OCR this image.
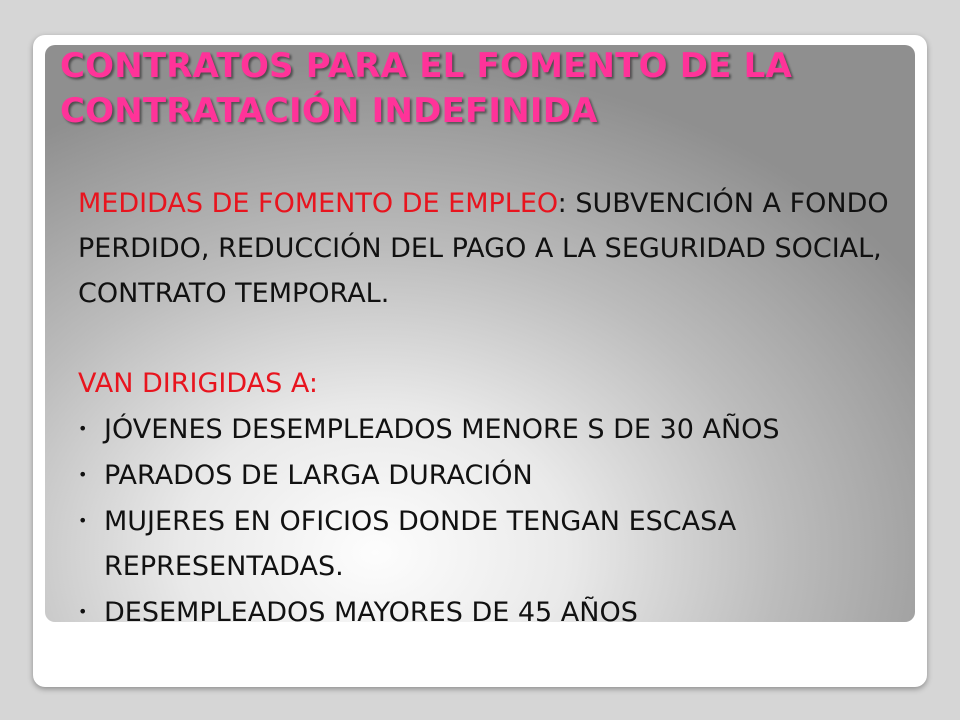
CONTRATOS PARA EL FOMENTO DE LA CONTRATACIÓN INDEFINIDA

MEDIDAS DE FOMENTO DE EMPLEO: SUBVENCIÓN A FONDO PERDIDO, REDUCCIÓN DEL PAGO A LA SEGURIDAD SOCIAL, CONTRATO TEMPORAL.

VAN DIRIGIDAS A:

• JÓVENES DESEMPLEADOS MENORE S DE 30 AÑOS

• PARADOS DE LARGA DURACIÓN

• MUJERES EN OFICIOS DONDE TENGAN ESCASA REPRESENTADAS.

• DESEMPLEADOS MAYORES DE 45 AÑOS
